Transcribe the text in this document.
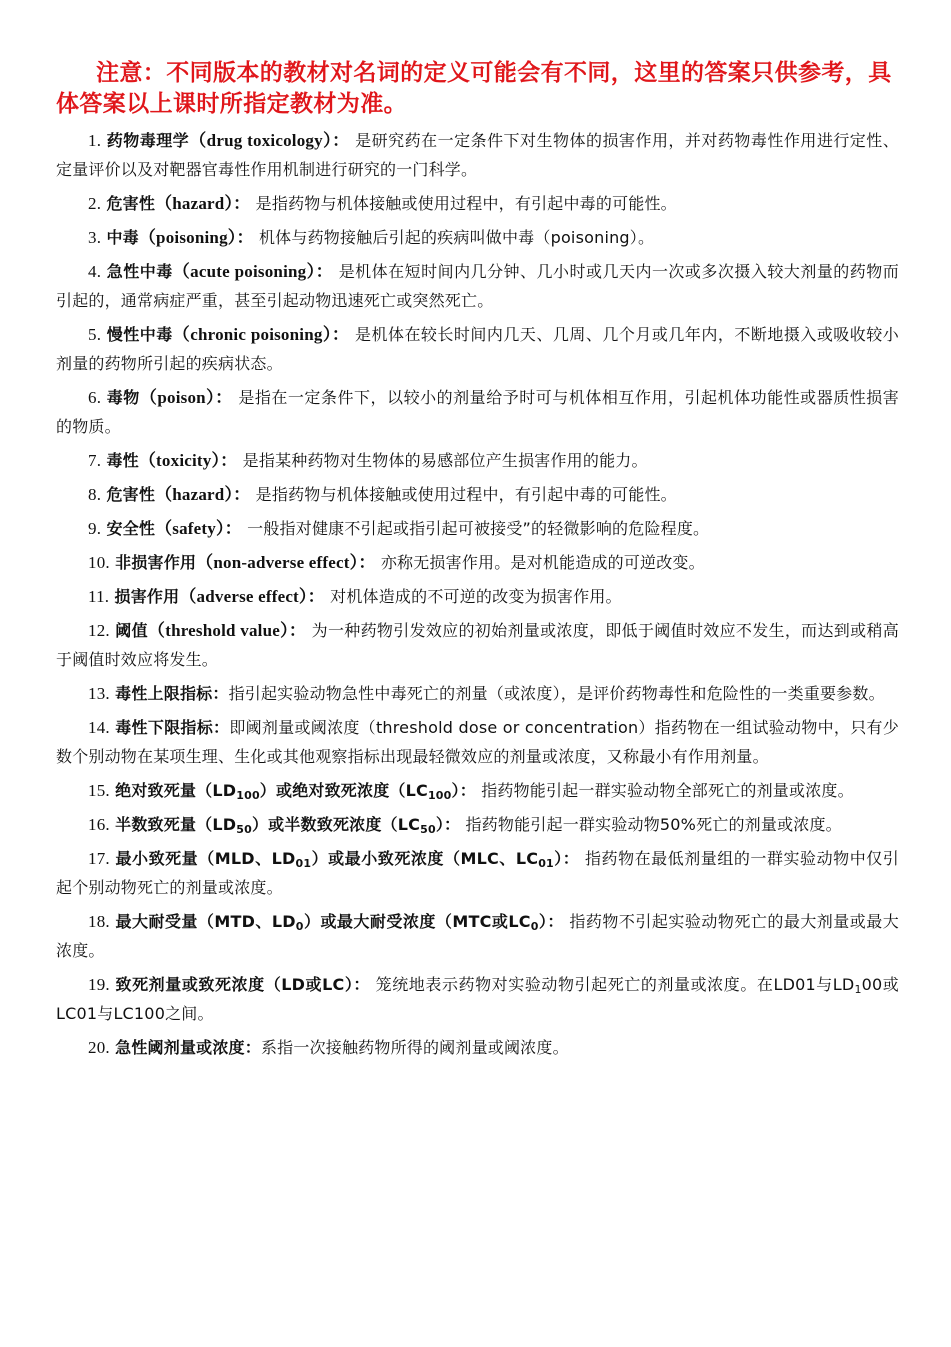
注意：不同版本的教材对名词的定义可能会有不同，这里的答案只供参考，具体答案以上课时所指定教材为准。

1. 药物毒理学（drug toxicology）： 是研究药在一定条件下对生物体的损害作用，并对药物毒性作用进行定性、定量评价以及对靶器官毒性作用机制进行研究的一门科学。

2. 危害性（hazard）： 是指药物与机体接触或使用过程中，有引起中毒的可能性。

3. 中毒（poisoning）： 机体与药物接触后引起的疾病叫做中毒（poisoning）。

4. 急性中毒（acute poisoning）： 是机体在短时间内几分钟、几小时或几天内一次或多次摄入较大剂量的药物而引起的，通常病症严重，甚至引起动物迅速死亡或突然死亡。

5. 慢性中毒（chronic poisoning）： 是机体在较长时间内几天、几周、几个月或几年内，不断地摄入或吸收较小剂量的药物所引起的疾病状态。

6. 毒物（poison）： 是指在一定条件下，以较小的剂量给予时可与机体相互作用，引起机体功能性或器质性损害的物质。

7. 毒性（toxicity）： 是指某种药物对生物体的易感部位产生损害作用的能力。

8. 危害性（hazard）： 是指药物与机体接触或使用过程中，有引起中毒的可能性。

9. 安全性（safety）： 一般指对健康不引起或指引起可被接受”的轻微影响的危险程度。

10. 非损害作用（non-adverse effect）： 亦称无损害作用。是对机能造成的可逆改变。

11. 损害作用（adverse effect）： 对机体造成的不可逆的改变为损害作用。

12. 阈值（threshold value）： 为一种药物引发效应的初始剂量或浓度，即低于阈值时效应不发生，而达到或稍高于阈值时效应将发生。

13. 毒性上限指标：指引起实验动物急性中毒死亡的剂量（或浓度），是评价药物毒性和危险性的一类重要参数。

14. 毒性下限指标：即阈剂量或阈浓度（threshold dose or concentration）指药物在一组试验动物中，只有少数个别动物在某项生理、生化或其他观察指标出现最轻微效应的剂量或浓度，又称最小有作用剂量。

15. 绝对致死量$(LD_{100})$或绝对致死浓度$(LC_{100})$： 指药物能引起一群实验动物全部死亡的剂量或浓度。

16. 半数致死量$(LD_{50})$或半数致死浓度$(LC_{50})$： 指药物能引起一群实验动物50%死亡的剂量或浓度。

17. 最小致死量（MLD、$LD_{01}$）或最小致死浓度（MLC、$LC_{01}$）： 指药物在最低剂量组的一群实验动物中仅引起个别动物死亡的剂量或浓度。

18. 最大耐受量（MTD、$LD_0$）或最大耐受浓度（MTC或$LC_0$）： 指药物不引起实验动物死亡的最大剂量或最大浓度。

19. 致死剂量或致死浓度（LD或LC）： 笼统地表示药物对实验动物引起死亡的剂量或浓度。在LD01与$LD_100$或LC01与LC100之间。

20. 急性阈剂量或浓度：系指一次接触药物所得的阈剂量或阈浓度。
